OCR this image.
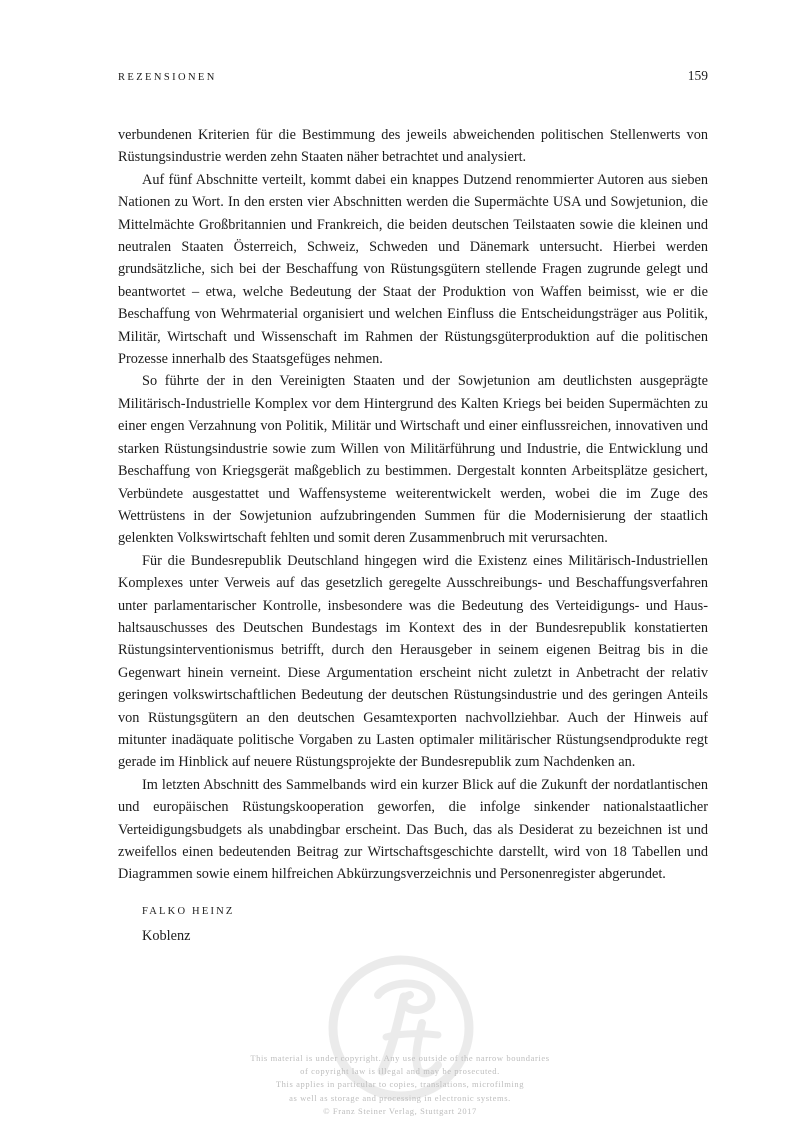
REZENSIONEN	159

verbundenen Kriterien für die Bestimmung des jeweils abweichenden politischen Stellenwerts von Rüstungsindustrie werden zehn Staaten näher betrachtet und analysiert.

Auf fünf Abschnitte verteilt, kommt dabei ein knappes Dutzend renommierter Autoren aus sieben Nationen zu Wort. In den ersten vier Abschnitten werden die Supermächte USA und Sowjetunion, die Mittelmächte Großbritannien und Frankreich, die beiden deutschen Teilstaaten sowie die kleinen und neutralen Staaten Österreich, Schweiz, Schweden und Dänemark untersucht. Hierbei werden grundsätzliche, sich bei der Beschaffung von Rüstungsgütern stellende Fragen zugrunde gelegt und beantwortet – etwa, welche Bedeutung der Staat der Produktion von Waffen beimisst, wie er die Beschaffung von Wehrmaterial organisiert und welchen Einfluss die Entscheidungsträger aus Politik, Militär, Wirtschaft und Wissenschaft im Rahmen der Rüstungsgüterproduktion auf die politischen Prozesse innerhalb des Staatsgefüges nehmen.

So führte der in den Vereinigten Staaten und der Sowjetunion am deutlichsten ausgeprägte Militärisch-Industrielle Komplex vor dem Hintergrund des Kalten Kriegs bei beiden Supermächten zu einer engen Verzahnung von Politik, Militär und Wirtschaft und einer einflussreichen, innovativen und starken Rüstungsindustrie sowie zum Willen von Militärführung und Industrie, die Entwicklung und Beschaffung von Kriegsgerät maßgeblich zu bestimmen. Dergestalt konnten Arbeitsplätze gesichert, Verbündete ausgestattet und Waffensysteme weiterentwickelt werden, wobei die im Zuge des Wettrüstens in der Sowjetunion aufzubringenden Summen für die Modernisierung der staatlich gelenkten Volkswirtschaft fehlten und somit deren Zusammenbruch mit verursachten.

Für die Bundesrepublik Deutschland hingegen wird die Existenz eines Militärisch-Industriellen Komplexes unter Verweis auf das gesetzlich geregelte Ausschreibungs- und Beschaffungsverfahren unter parlamentarischer Kontrolle, insbesondere was die Bedeutung des Verteidigungs- und Haushaltsauschusses des Deutschen Bundestags im Kontext des in der Bundesrepublik konstatierten Rüstungsinterventionismus betrifft, durch den Herausgeber in seinem eigenen Beitrag bis in die Gegenwart hinein verneint. Diese Argumentation erscheint nicht zuletzt in Anbetracht der relativ geringen volkswirtschaftlichen Bedeutung der deutschen Rüstungsindustrie und des geringen Anteils von Rüstungsgütern an den deutschen Gesamtexporten nachvollziehbar. Auch der Hinweis auf mitunter inadäquate politische Vorgaben zu Lasten optimaler militärischer Rüstungsendprodukte regt gerade im Hinblick auf neuere Rüstungsprojekte der Bundesrepublik zum Nachdenken an.

Im letzten Abschnitt des Sammelbands wird ein kurzer Blick auf die Zukunft der nordatlantischen und europäischen Rüstungskooperation geworfen, die infolge sinkender nationalstaatlicher Verteidigungsbudgets als unabdingbar erscheint. Das Buch, das als Desiderat zu bezeichnen ist und zweifellos einen bedeutenden Beitrag zur Wirtschaftsgeschichte darstellt, wird von 18 Tabellen und Diagrammen sowie einem hilfreichen Abkürzungsverzeichnis und Personenregister abgerundet.

FALKO HEINZ
Koblenz
This material is under copyright. Any use outside of the narrow boundaries
of copyright law is illegal and may be prosecuted.
This applies in particular to copies, translations, microfilming
as well as storage and processing in electronic systems.
© Franz Steiner Verlag, Stuttgart 2017
